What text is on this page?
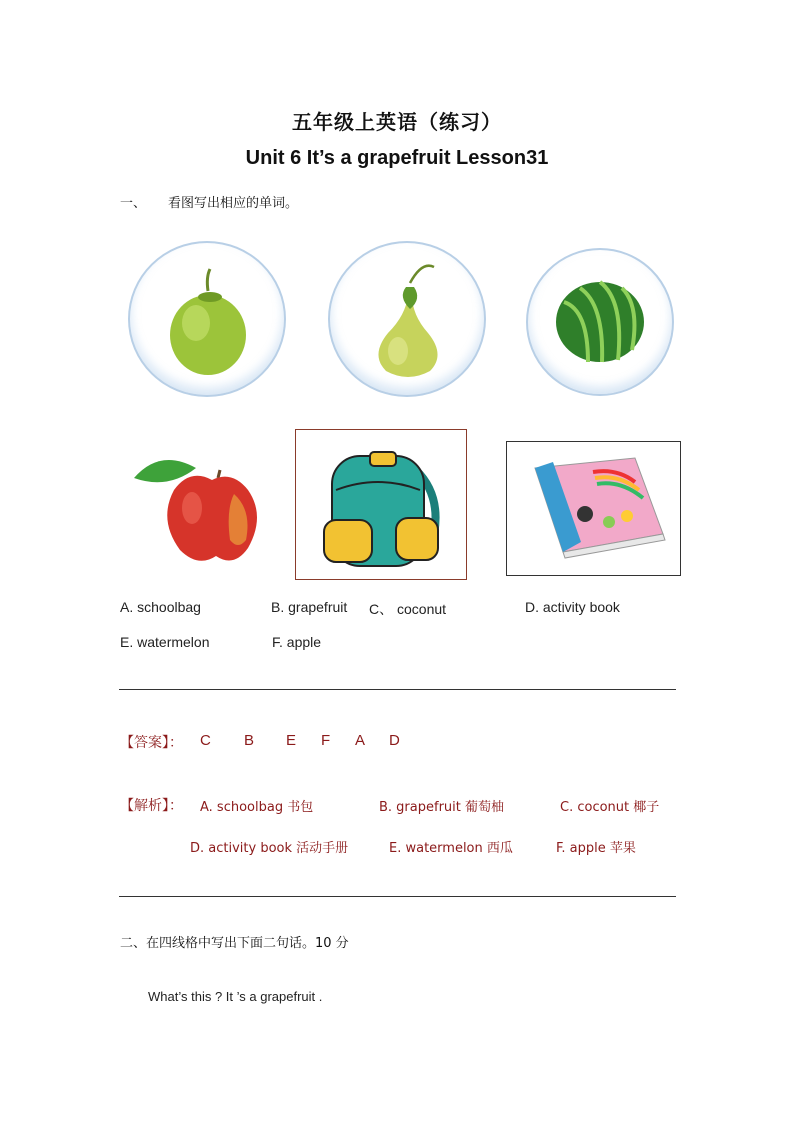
五年级上英语（练习）
Unit 6 It’s a grapefruit Lesson31
一、 看图写出相应的单词。
A. schoolbag	B. grapefruit C、 coconut	D. activity book
E. watermelon	F. apple
【答案】： C B E F A D
【解析】： A. schoolbag 书包	B. grapefruit 葡萄柚	C. coconut 椰子
D. activity book 活动手册	E. watermelon 西瓜	F. apple 苹果
二、在四线格中写出下面二句话。10 分
What’s this ? It ’s a grapefruit .
